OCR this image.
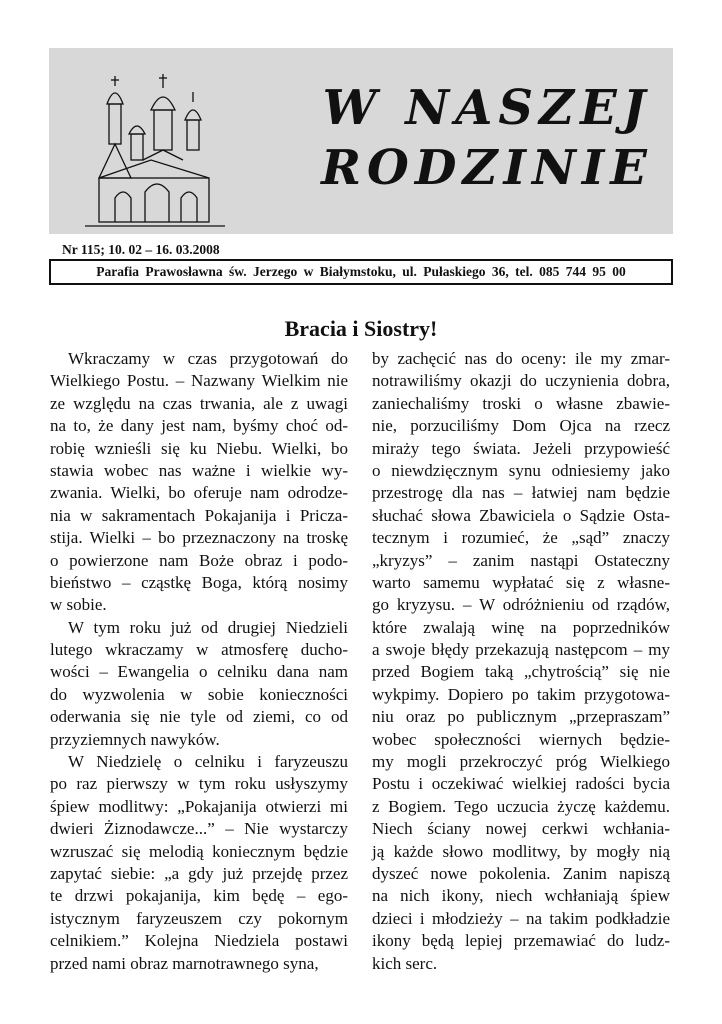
W NASZEJ
RODZINIE
Nr 115; 10. 02 – 16. 03.2008
Parafia Prawosławna św. Jerzego w Białymstoku, ul. Pułaskiego 36, tel. 085 744 95 00
Bracia i Siostry!
Wkraczamy w czas przygotowań do
Wielkiego Postu. – Nazwany Wielkim nie
ze względu na czas trwania, ale z uwagi
na to, że dany jest nam, byśmy choć od-
robię wznieśli się ku Niebu. Wielki, bo
stawia wobec nas ważne i wielkie wy-
zwania. Wielki, bo oferuje nam odrodze-
nia w sakramentach Pokajanija i Pricza-
stija. Wielki – bo przeznaczony na troskę
o powierzone nam Boże obraz i podo-
bieństwo – cząstkę Boga, którą nosimy
w sobie.
W tym roku już od drugiej Niedzieli
lutego wkraczamy w atmosferę ducho-
wości – Ewangelia o celniku dana nam
do wyzwolenia w sobie konieczności
oderwania się nie tyle od ziemi, co od
przyziemnych nawyków.
W Niedzielę o celniku i faryzeuszu
po raz pierwszy w tym roku usłyszymy
śpiew modlitwy: „Pokajanija otwierzi mi
dwieri Żiznodawcze...” – Nie wystarczy
wzruszać się melodią koniecznym będzie
zapytać siebie: „a gdy już przejdę przez
te drzwi pokajanija, kim będę – ego-
istycznym faryzeuszem czy pokornym
celnikiem.” Kolejna Niedziela postawi
przed nami obraz marnotrawnego syna,
by zachęcić nas do oceny: ile my zmar-
notrawiliśmy okazji do uczynienia dobra,
zaniechaliśmy troski o własne zbawie-
nie, porzuciliśmy Dom Ojca na rzecz
miraży tego świata. Jeżeli przypowieść
o niewdzięcznym synu odniesiemy jako
przestrogę dla nas – łatwiej nam będzie
słuchać słowa Zbawiciela o Sądzie Osta-
tecznym i rozumieć, że „sąd” znaczy
„kryzys” – zanim nastąpi Ostateczny
warto samemu wypłatać się z własne-
go kryzysu. – W odróżnieniu od rządów,
które zwalają winę na poprzedników
a swoje błędy przekazują następcom – my
przed Bogiem taką „chytrością” się nie
wykpimy. Dopiero po takim przygotowa-
niu oraz po publicznym „przepraszam”
wobec społeczności wiernych będzie-
my mogli przekroczyć próg Wielkiego
Postu i oczekiwać wielkiej radości bycia
z Bogiem. Tego uczucia życzę każdemu.
Niech ściany nowej cerkwi wchłania-
ją każde słowo modlitwy, by mogły nią
dyszeć nowe pokolenia. Zanim napiszą
na nich ikony, niech wchłaniają śpiew
dzieci i młodzieży – na takim podkładzie
ikony będą lepiej przemawiać do ludz-
kich serc.
